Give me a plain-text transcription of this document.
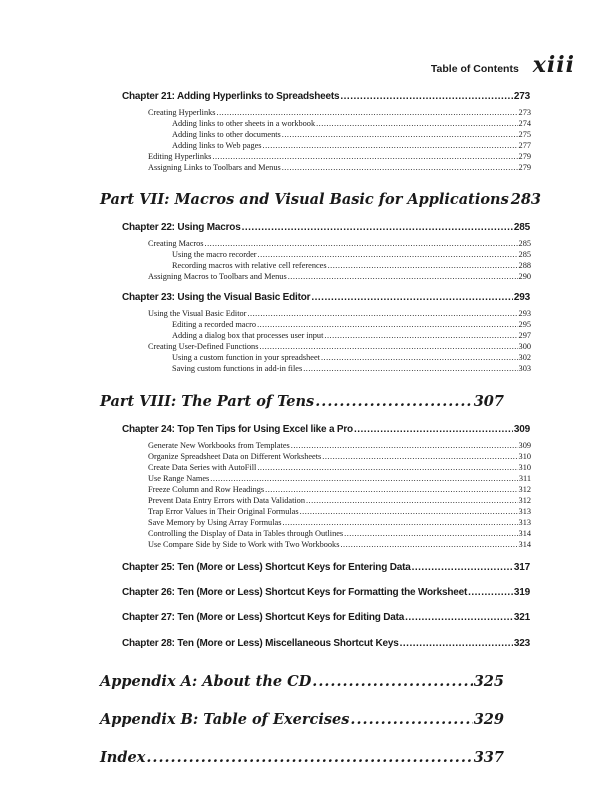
Table of Contents xiii
Chapter 21: Adding Hyperlinks to Spreadsheets .....	273
Creating Hyperlinks .....	273
Adding links to other sheets in a workbook .....	274
Adding links to other documents .....	275
Adding links to Web pages .....	277
Editing Hyperlinks .....	279
Assigning Links to Toolbars and Menus .....	279
Part VII: Macros and Visual Basic for Applications 283
Chapter 22: Using Macros .....	285
Creating Macros .....	285
Using the macro recorder .....	285
Recording macros with relative cell references .....	288
Assigning Macros to Toolbars and Menus .....	290
Chapter 23: Using the Visual Basic Editor .....	293
Using the Visual Basic Editor .....	293
Editing a recorded macro .....	295
Adding a dialog box that processes user input .....	297
Creating User-Defined Functions .....	300
Using a custom function in your spreadsheet .....	302
Saving custom functions in add-in files .....	303
Part VIII: The Part of Tens .....	307
Chapter 24: Top Ten Tips for Using Excel like a Pro .....	309
Generate New Workbooks from Templates .....	309
Organize Spreadsheet Data on Different Worksheets .....	310
Create Data Series with AutoFill .....	310
Use Range Names .....	311
Freeze Column and Row Headings .....	312
Prevent Data Entry Errors with Data Validation .....	312
Trap Error Values in Their Original Formulas .....	313
Save Memory by Using Array Formulas .....	313
Controlling the Display of Data in Tables through Outlines .....	314
Use Compare Side by Side to Work with Two Workbooks .....	314
Chapter 25: Ten (More or Less) Shortcut Keys for Entering Data .....	317
Chapter 26: Ten (More or Less) Shortcut Keys for Formatting the Worksheet .....	319
Chapter 27: Ten (More or Less) Shortcut Keys for Editing Data .....	321
Chapter 28: Ten (More or Less) Miscellaneous Shortcut Keys .....	323
Appendix A: About the CD .....	325
Appendix B: Table of Exercises .....	329
Index .....	337
